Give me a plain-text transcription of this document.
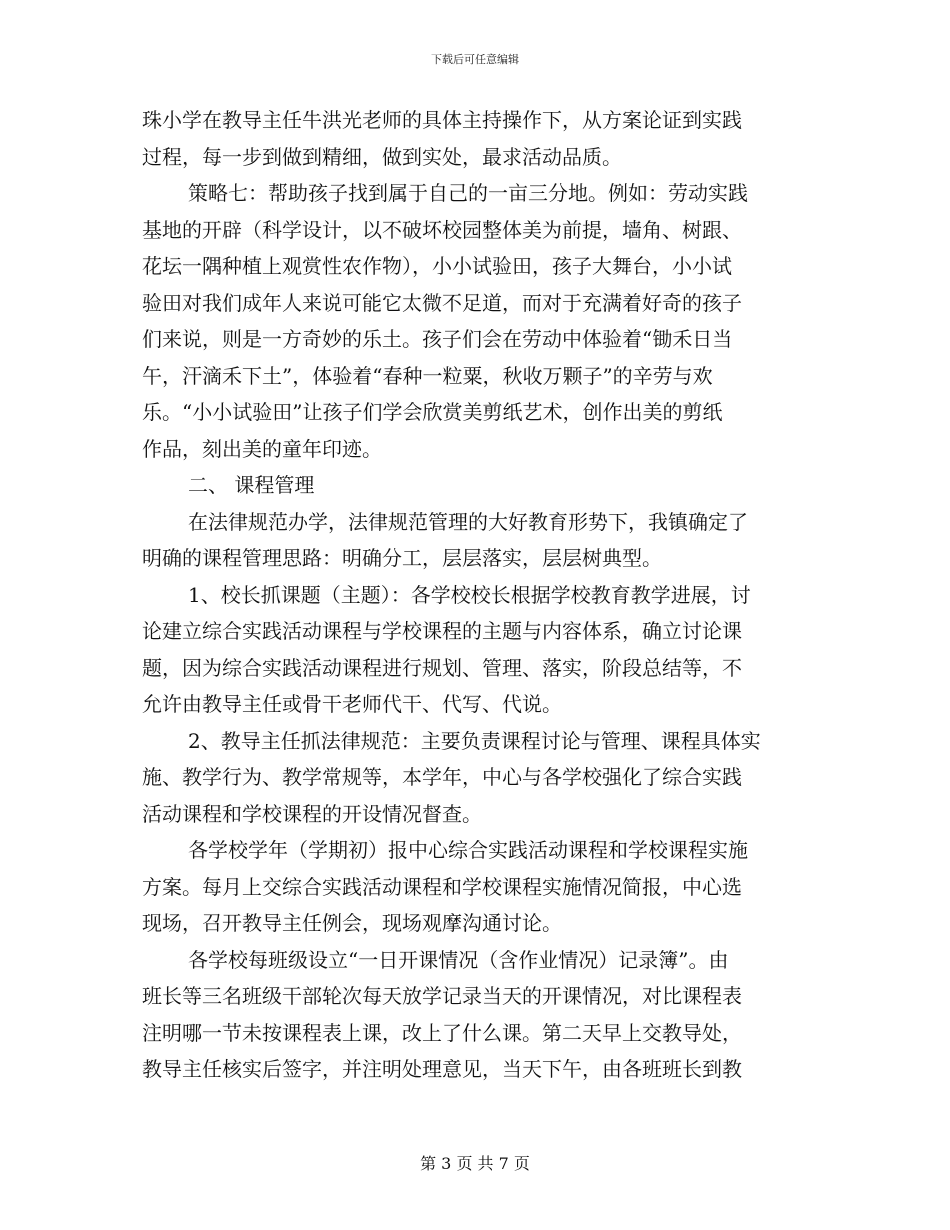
下载后可任意编辑
珠小学在教导主任牛洪光老师的具体主持操作下，从方案论证到实践
过程，每一步到做到精细，做到实处，最求活动品质。
策略七：帮助孩子找到属于自己的一亩三分地。例如：劳动实践
基地的开辟（科学设计，以不破坏校园整体美为前提，墙角、树跟、
花坛一隅种植上观赏性农作物），小小试验田，孩子大舞台，小小试
验田对我们成年人来说可能它太微不足道，而对于充满着好奇的孩子
们来说，则是一方奇妙的乐土。孩子们会在劳动中体验着“锄禾日当
午，汗滴禾下土”，体验着“春种一粒粟，秋收万颗子”的辛劳与欢
乐。“小小试验田”让孩子们学会欣赏美剪纸艺术，创作出美的剪纸
作品，刻出美的童年印迹。
二、 课程管理
在法律规范办学，法律规范管理的大好教育形势下，我镇确定了
明确的课程管理思路：明确分工，层层落实，层层树典型。
1、校长抓课题（主题）：各学校校长根据学校教育教学进展，讨
论建立综合实践活动课程与学校课程的主题与内容体系，确立讨论课
题，因为综合实践活动课程进行规划、管理、落实，阶段总结等，不
允许由教导主任或骨干老师代干、代写、代说。
2、教导主任抓法律规范：主要负责课程讨论与管理、课程具体实
施、教学行为、教学常规等，本学年，中心与各学校强化了综合实践
活动课程和学校课程的开设情况督查。
各学校学年（学期初）报中心综合实践活动课程和学校课程实施
方案。每月上交综合实践活动课程和学校课程实施情况简报，中心选
现场，召开教导主任例会，现场观摩沟通讨论。
各学校每班级设立“一日开课情况（含作业情况）记录簿”。由
班长等三名班级干部轮次每天放学记录当天的开课情况，对比课程表
注明哪一节未按课程表上课，改上了什么课。第二天早上交教导处，
教导主任核实后签字，并注明处理意见，当天下午，由各班班长到教
第 3 页 共 7 页
